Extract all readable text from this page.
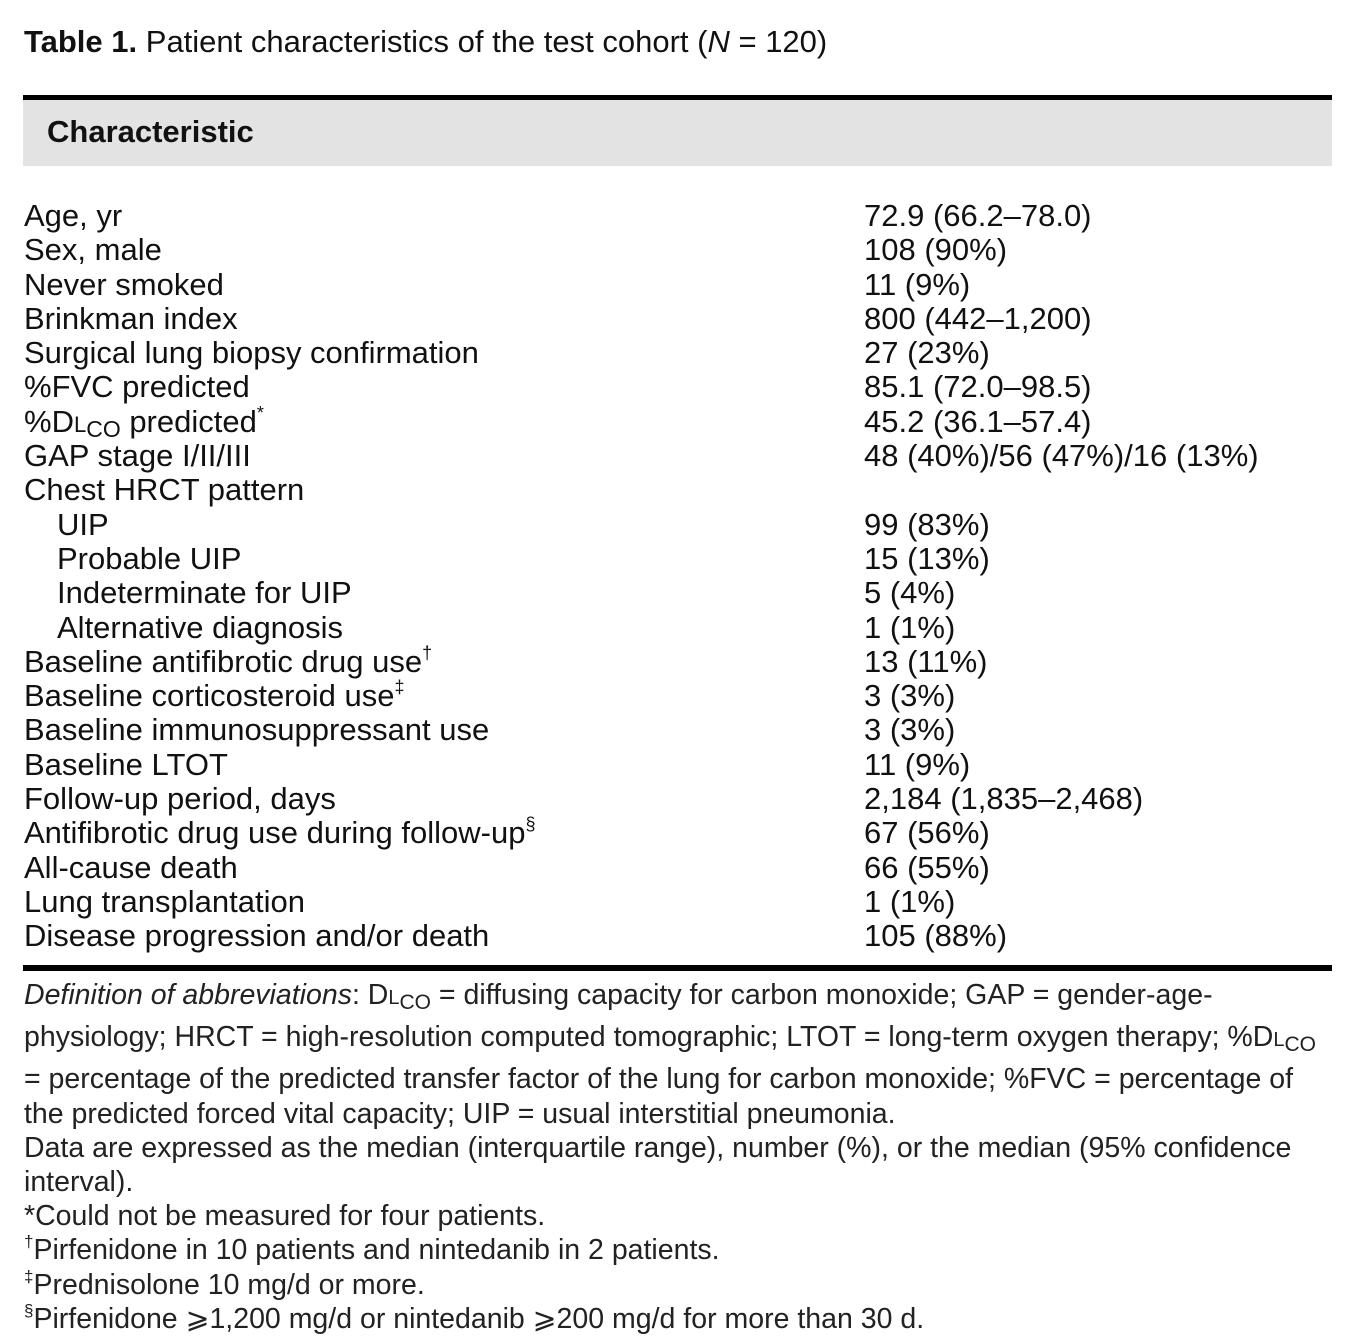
Table 1. Patient characteristics of the test cohort (N = 120)
Characteristic
Age, yr	72.9 (66.2–78.0)
Sex, male	108 (90%)
Never smoked	11 (9%)
Brinkman index	800 (442–1,200)
Surgical lung biopsy confirmation	27 (23%)
%FVC predicted	85.1 (72.0–98.5)
$\%DL_{CO}$ predicted*	45.2 (36.1–57.4)
GAP stage I/II/III	48 (40%)/56 (47%)/16 (13%)
Chest HRCT pattern
UIP	99 (83%)
Probable UIP	15 (13%)
Indeterminate for UIP	5 (4%)
Alternative diagnosis	1 (1%)
Baseline antifibrotic drug use†	13 (11%)
Baseline corticosteroid use‡	3 (3%)
Baseline immunosuppressant use	3 (3%)
Baseline LTOT	11 (9%)
Follow-up period, days	2,184 (1,835–2,468)
Antifibrotic drug use during follow-up§	67 (56%)
All-cause death	66 (55%)
Lung transplantation	1 (1%)
Disease progression and/or death	105 (88%)

Definition of abbreviations: $DL_{CO}$ = diffusing capacity for carbon monoxide; GAP = gender-age-physiology; HRCT = high-resolution computed tomographic; LTOT = long-term oxygen therapy; $\%DL_{CO}$ = percentage of the predicted transfer factor of the lung for carbon monoxide; %FVC = percentage of the predicted forced vital capacity; UIP = usual interstitial pneumonia.

Data are expressed as the median (interquartile range), number (%), or the median (95% confidence interval).

*Could not be measured for four patients.

†Pirfenidone in 10 patients and nintedanib in 2 patients.

‡Prednisolone 10 mg/d or more.

§Pirfenidone ⩾1,200 mg/d or nintedanib ⩾200 mg/d for more than 30 d.
